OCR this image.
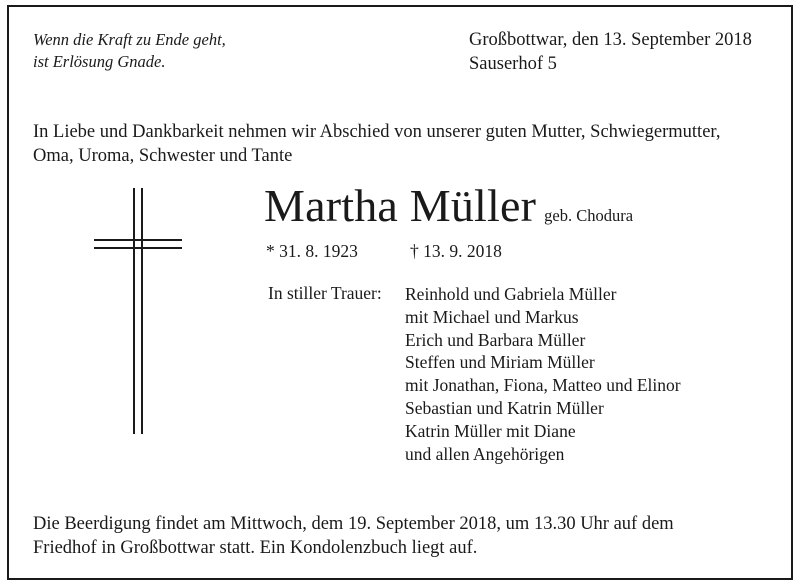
Wenn die Kraft zu Ende geht,
ist Erlösung Gnade.
Großbottwar, den 13. September 2018
Sauserhof 5
In Liebe und Dankbarkeit nehmen wir Abschied von unserer guten Mutter, Schwiegermutter,
Oma, Uroma, Schwester und Tante
Martha Müller geb. Chodura
* 31. 8. 1923	† 13. 9. 2018
In stiller Trauer: Reinhold und Gabriela Müller
mit Michael und Markus
Erich und Barbara Müller
Steffen und Miriam Müller
mit Jonathan, Fiona, Matteo und Elinor
Sebastian und Katrin Müller
Katrin Müller mit Diane
und allen Angehörigen
Die Beerdigung findet am Mittwoch, dem 19. September 2018, um 13.30 Uhr auf dem
Friedhof in Großbottwar statt. Ein Kondolenzbuch liegt auf.
